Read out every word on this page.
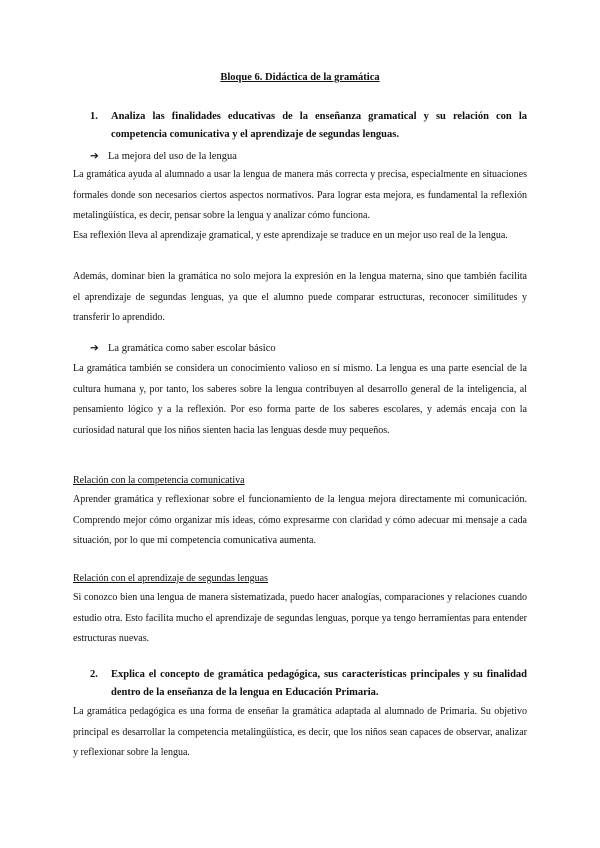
Bloque 6. Didáctica de la gramática
1. Analiza las finalidades educativas de la enseñanza gramatical y su relación con la competencia comunicativa y el aprendizaje de segundas lenguas.
➔ La mejora del uso de la lengua

La gramática ayuda al alumnado a usar la lengua de manera más correcta y precisa, especialmente en situaciones formales donde son necesarios ciertos aspectos normativos. Para lograr esta mejora, es fundamental la reflexión metalingüística, es decir, pensar sobre la lengua y analizar cómo funciona.

Esa reflexión lleva al aprendizaje gramatical, y este aprendizaje se traduce en un mejor uso real de la lengua.

Además, dominar bien la gramática no solo mejora la expresión en la lengua materna, sino que también facilita el aprendizaje de segundas lenguas, ya que el alumno puede comparar estructuras, reconocer similitudes y transferir lo aprendido.

➔ La gramática como saber escolar básico

La gramática también se considera un conocimiento valioso en sí mismo. La lengua es una parte esencial de la cultura humana y, por tanto, los saberes sobre la lengua contribuyen al desarrollo general de la inteligencia, al pensamiento lógico y a la reflexión. Por eso forma parte de los saberes escolares, y además encaja con la curiosidad natural que los niños sienten hacia las lenguas desde muy pequeños.

Relación con la competencia comunicativa

Aprender gramática y reflexionar sobre el funcionamiento de la lengua mejora directamente mi comunicación. Comprendo mejor cómo organizar mis ideas, cómo expresarme con claridad y cómo adecuar mi mensaje a cada situación, por lo que mi competencia comunicativa aumenta.

Relación con el aprendizaje de segundas lenguas

Si conozco bien una lengua de manera sistematizada, puedo hacer analogías, comparaciones y relaciones cuando estudio otra. Esto facilita mucho el aprendizaje de segundas lenguas, porque ya tengo herramientas para entender estructuras nuevas.

2. Explica el concepto de gramática pedagógica, sus características principales y su finalidad dentro de la enseñanza de la lengua en Educación Primaria.

La gramática pedagógica es una forma de enseñar la gramática adaptada al alumnado de Primaria. Su objetivo principal es desarrollar la competencia metalingüística, es decir, que los niños sean capaces de observar, analizar y reflexionar sobre la lengua.
